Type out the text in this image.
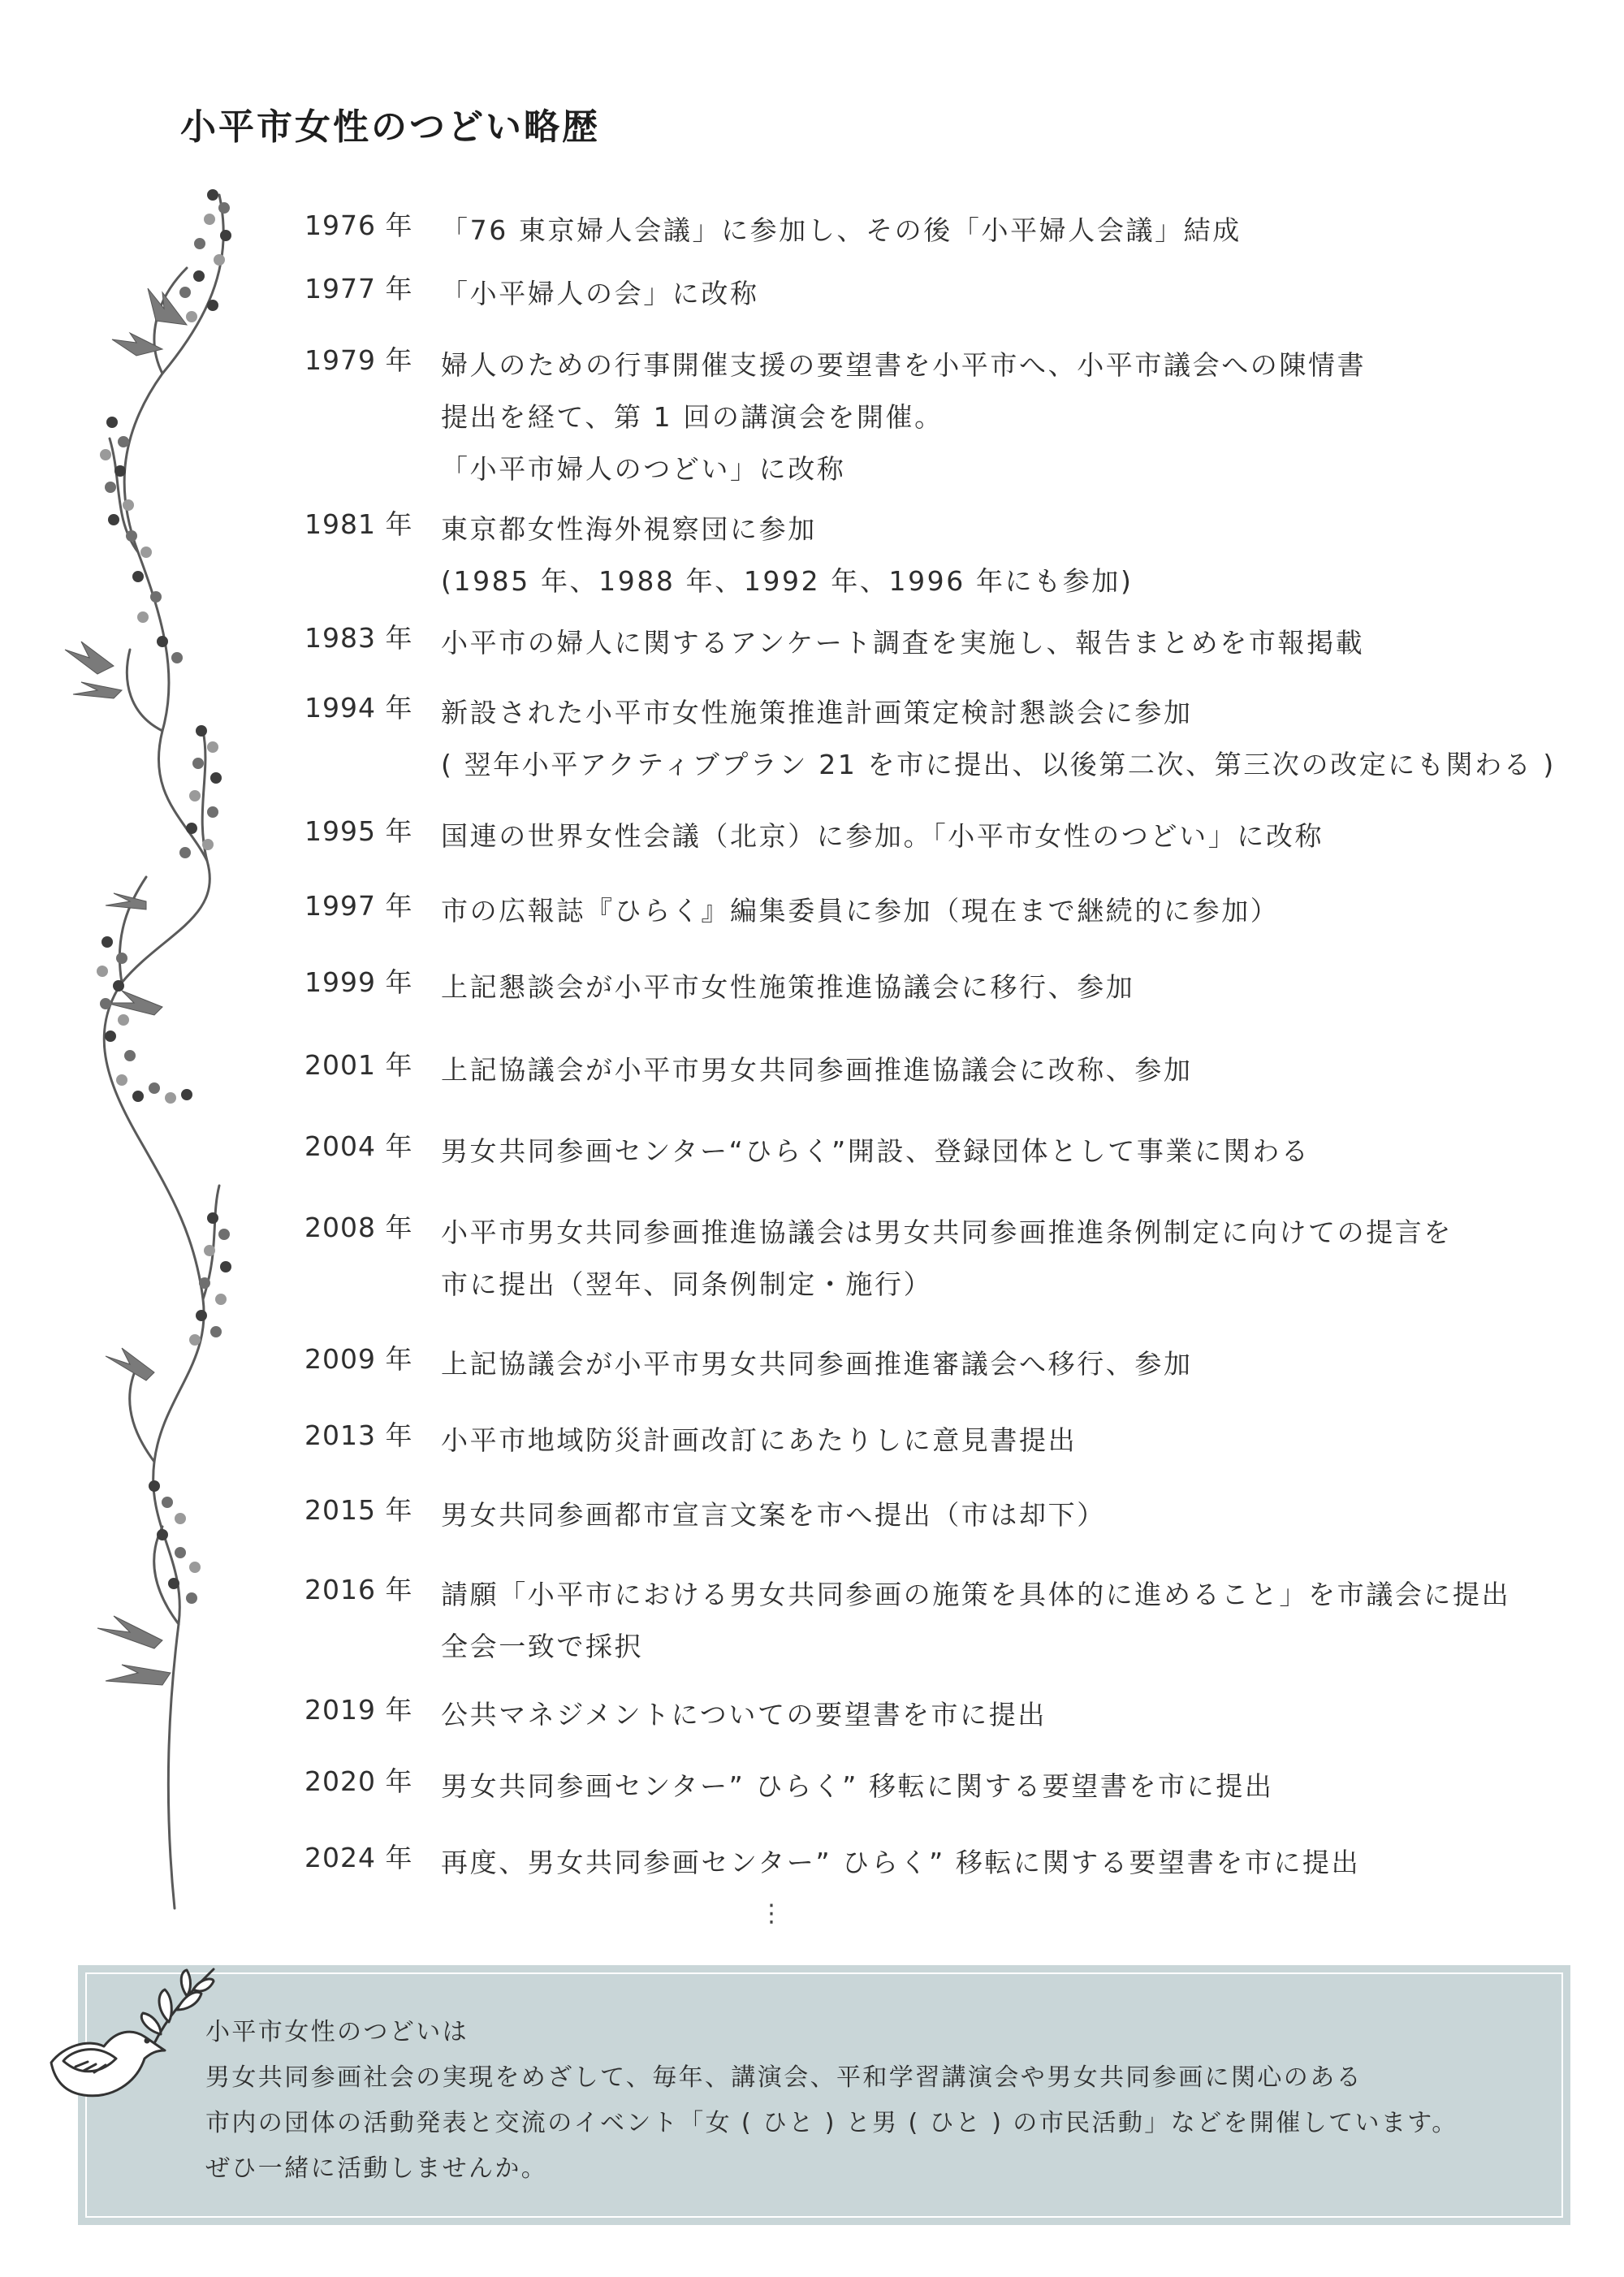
小平市女性のつどい略歴
1976 年 「76 東京婦人会議」に参加し、その後「小平婦人会議」結成
1977 年 「小平婦人の会」に改称
1979 年 婦人のための行事開催支援の要望書を小平市へ、小平市議会への陳情書
提出を経て、第 1 回の講演会を開催。
「小平市婦人のつどい」に改称
1981 年 東京都女性海外視察団に参加
(1985 年、1988 年、1992 年、1996 年にも参加)
1983 年 小平市の婦人に関するアンケート調査を実施し、報告まとめを市報掲載
1994 年 新設された小平市女性施策推進計画策定検討懇談会に参加
( 翌年小平アクティブプラン 21 を市に提出、以後第二次、第三次の改定にも関わる )
1995 年 国連の世界女性会議（北京）に参加。「小平市女性のつどい」に改称
1997 年 市の広報誌『ひらく』編集委員に参加（現在まで継続的に参加）
1999 年 上記懇談会が小平市女性施策推進協議会に移行、参加
2001 年 上記協議会が小平市男女共同参画推進協議会に改称、参加
2004 年 男女共同参画センター“ひらく”開設、登録団体として事業に関わる
2008 年 小平市男女共同参画推進協議会は男女共同参画推進条例制定に向けての提言を
市に提出（翌年、同条例制定・施行）
2009 年 上記協議会が小平市男女共同参画推進審議会へ移行、参加
2013 年 小平市地域防災計画改訂にあたりしに意見書提出
2015 年 男女共同参画都市宣言文案を市へ提出（市は却下）
2016 年 請願「小平市における男女共同参画の施策を具体的に進めること」を市議会に提出
全会一致で採択
2019 年 公共マネジメントについての要望書を市に提出
2020 年 男女共同参画センター” ひらく” 移転に関する要望書を市に提出
2024 年 再度、男女共同参画センター” ひらく” 移転に関する要望書を市に提出
⋮
小平市女性のつどいは
男女共同参画社会の実現をめざして、毎年、講演会、平和学習講演会や男女共同参画に関心のある
市内の団体の活動発表と交流のイベント「女 ( ひと ) と男 ( ひと ) の市民活動」などを開催しています。
ぜひ一緒に活動しませんか。
